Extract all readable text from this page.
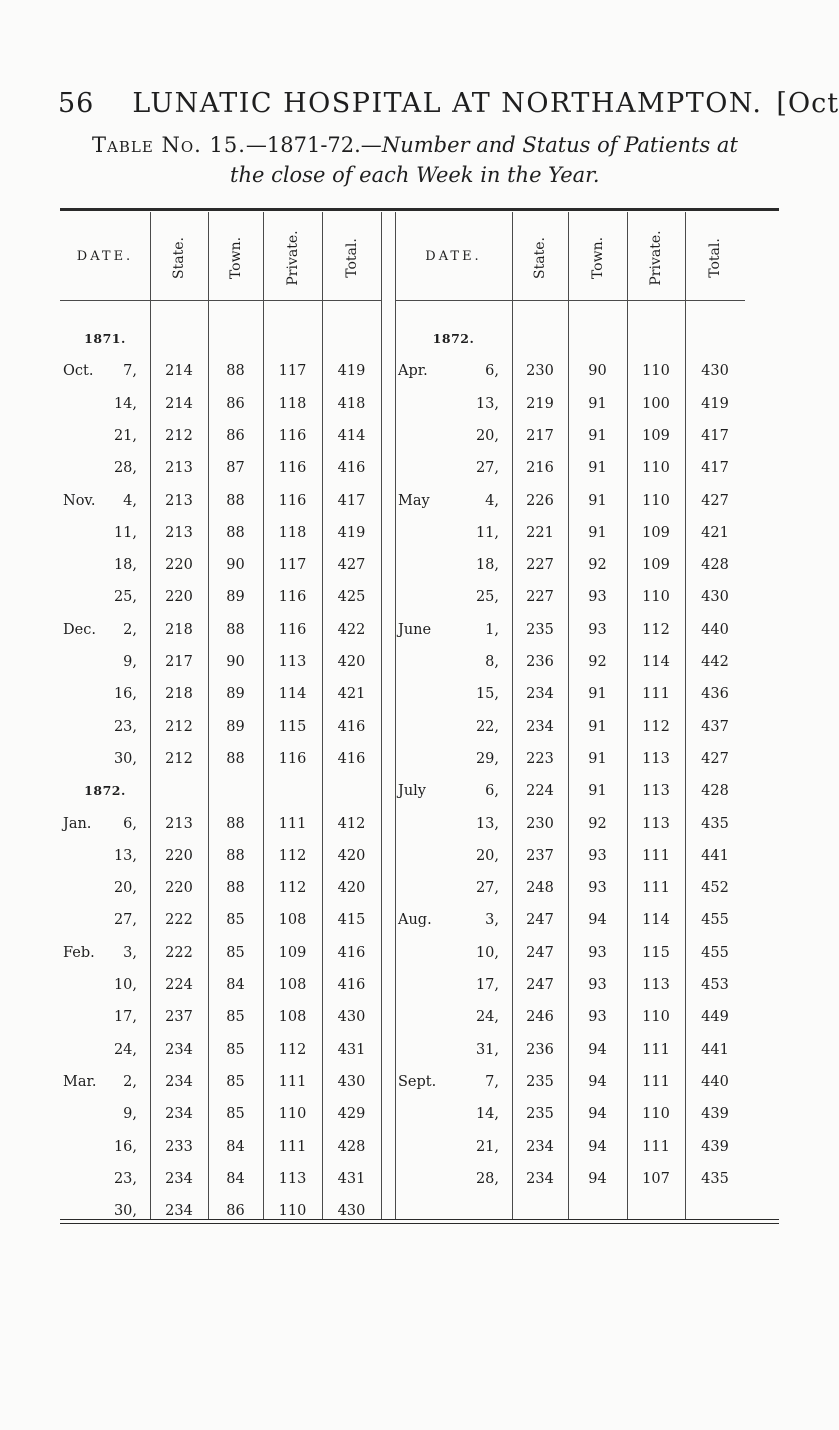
56 LUNATIC HOSPITAL AT NORTHAMPTON. [Oct
Table No. 15.—1871-72.—Number and Status of Patients at
the close of each Week in the Year.
DATE.	State.	Town.	Private.	Total.
1871.
Oct.	7,	214	88	117	419
14,	214	86	118	418
21,	212	86	116	414
28,	213	87	116	416
Nov.	4,	213	88	116	417
11,	213	88	118	419
18,	220	90	117	427
25,	220	89	116	425
Dec.	2,	218	88	116	422
9,	217	90	113	420
16,	218	89	114	421
23,	212	89	115	416
30,	212	88	116	416
1872.
Jan.	6,	213	88	111	412
13,	220	88	112	420
20,	220	88	112	420
27,	222	85	108	415
Feb.	3,	222	85	109	416
10,	224	84	108	416
17,	237	85	108	430
24,	234	85	112	431
Mar.	2,	234	85	111	430
9,	234	85	110	429
16,	233	84	111	428
23,	234	84	113	431
30,	234	86	110	430
DATE.	State.	Town.	Private.	Total.
1872.
Apr.	6,	230	90	110	430
13,	219	91	100	419
20,	217	91	109	417
27,	216	91	110	417
May	4,	226	91	110	427
11,	221	91	109	421
18,	227	92	109	428
25,	227	93	110	430
June	1,	235	93	112	440
8,	236	92	114	442
15,	234	91	111	436
22,	234	91	112	437
29,	223	91	113	427
July	6,	224	91	113	428
13,	230	92	113	435
20,	237	93	111	441
27,	248	93	111	452
Aug.	3,	247	94	114	455
10,	247	93	115	455
17,	247	93	113	453
24,	246	93	110	449
31,	236	94	111	441
Sept.	7,	235	94	111	440
14,	235	94	110	439
21,	234	94	111	439
28,	234	94	107	435
